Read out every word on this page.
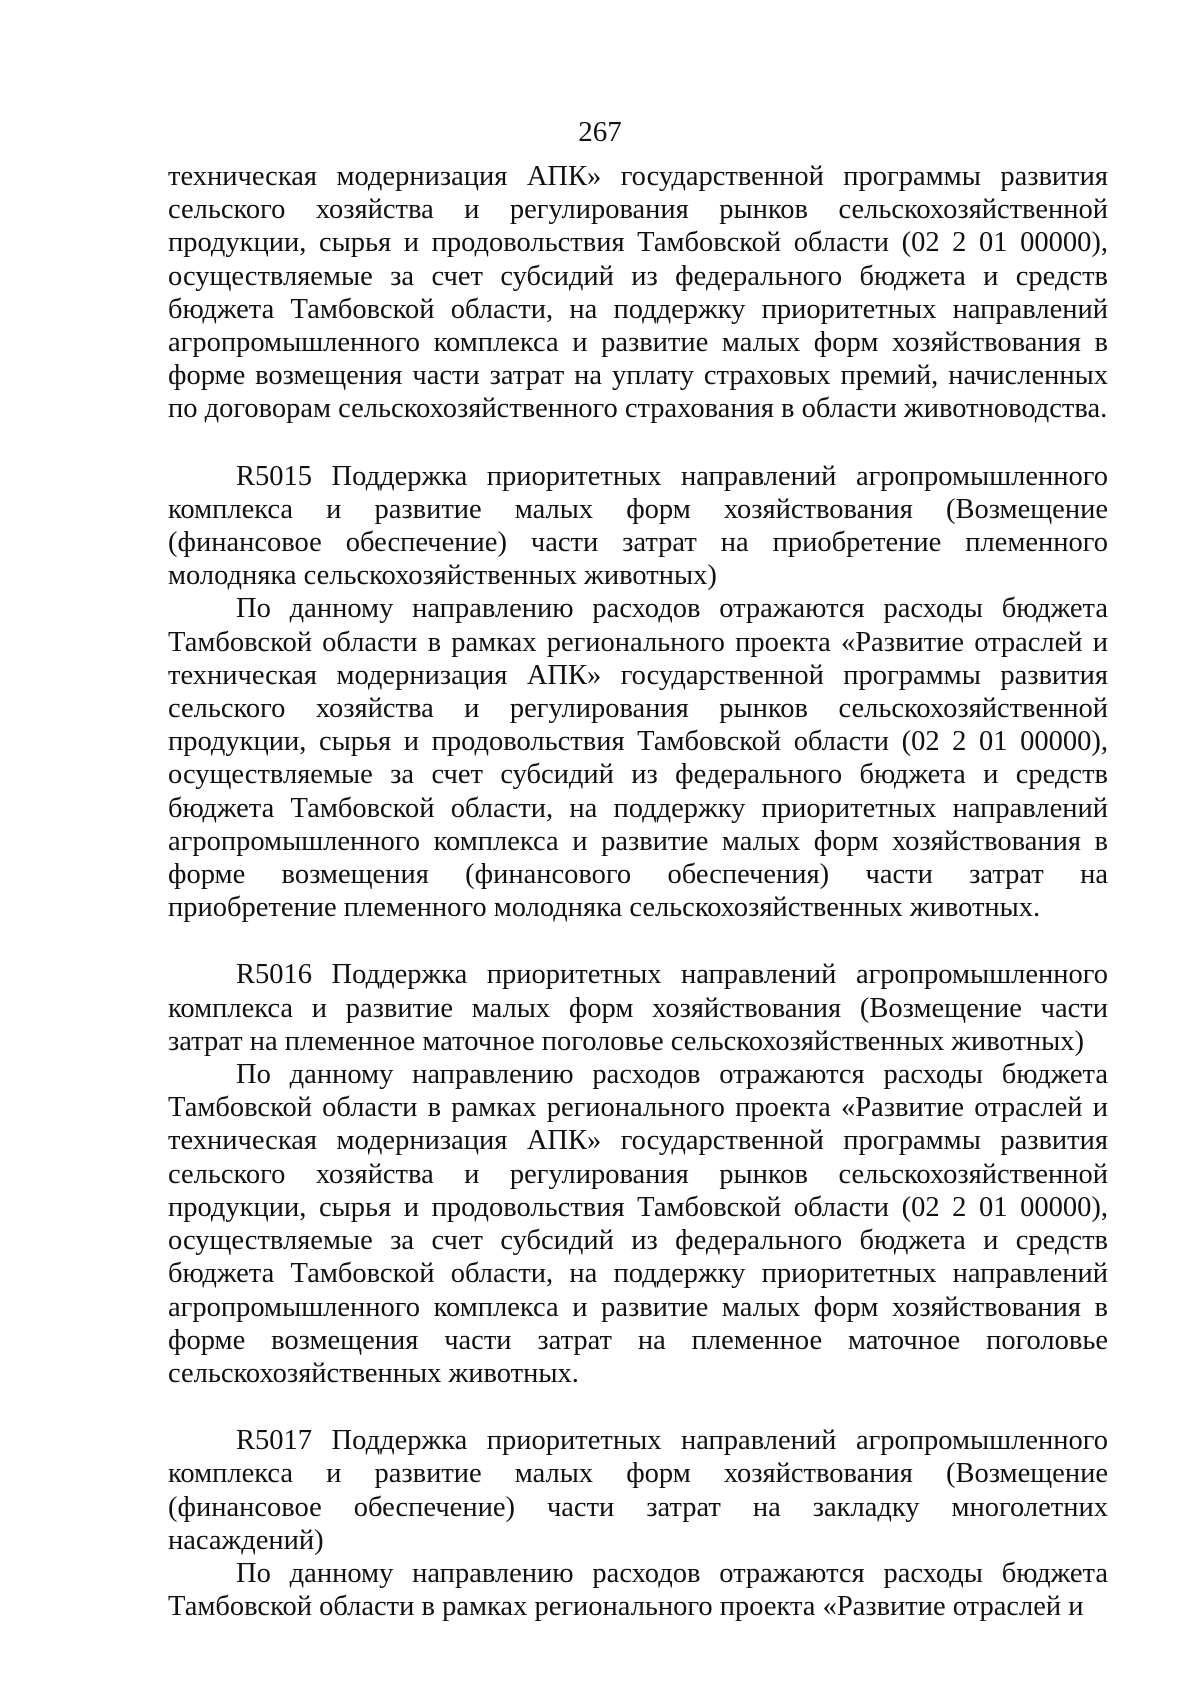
267

техническая модернизация АПК» государственной программы развития сельского хозяйства и регулирования рынков сельскохозяйственной продукции, сырья и продовольствия Тамбовской области (02 2 01 00000), осуществляемые за счет субсидий из федерального бюджета и средств бюджета Тамбовской области, на поддержку приоритетных направлений агропромышленного комплекса и развитие малых форм хозяйствования в форме возмещения части затрат на уплату страховых премий, начисленных по договорам сельскохозяйственного страхования в области животноводства.

R5015 Поддержка приоритетных направлений агропромышленного комплекса и развитие малых форм хозяйствования (Возмещение (финансовое обеспечение) части затрат на приобретение племенного молодняка сельскохозяйственных животных)

По данному направлению расходов отражаются расходы бюджета Тамбовской области в рамках регионального проекта «Развитие отраслей и техническая модернизация АПК» государственной программы развития сельского хозяйства и регулирования рынков сельскохозяйственной продукции, сырья и продовольствия Тамбовской области (02 2 01 00000), осуществляемые за счет субсидий из федерального бюджета и средств бюджета Тамбовской области, на поддержку приоритетных направлений агропромышленного комплекса и развитие малых форм хозяйствования в форме возмещения (финансового обеспечения) части затрат на приобретение племенного молодняка сельскохозяйственных животных.

R5016 Поддержка приоритетных направлений агропромышленного комплекса и развитие малых форм хозяйствования (Возмещение части затрат на племенное маточное поголовье сельскохозяйственных животных)

По данному направлению расходов отражаются расходы бюджета Тамбовской области в рамках регионального проекта «Развитие отраслей и техническая модернизация АПК» государственной программы развития сельского хозяйства и регулирования рынков сельскохозяйственной продукции, сырья и продовольствия Тамбовской области (02 2 01 00000), осуществляемые за счет субсидий из федерального бюджета и средств бюджета Тамбовской области, на поддержку приоритетных направлений агропромышленного комплекса и развитие малых форм хозяйствования в форме возмещения части затрат на племенное маточное поголовье сельскохозяйственных животных.

R5017 Поддержка приоритетных направлений агропромышленного комплекса и развитие малых форм хозяйствования (Возмещение (финансовое обеспечение) части затрат на закладку многолетних насаждений)

По данному направлению расходов отражаются расходы бюджета Тамбовской области в рамках регионального проекта «Развитие отраслей и
